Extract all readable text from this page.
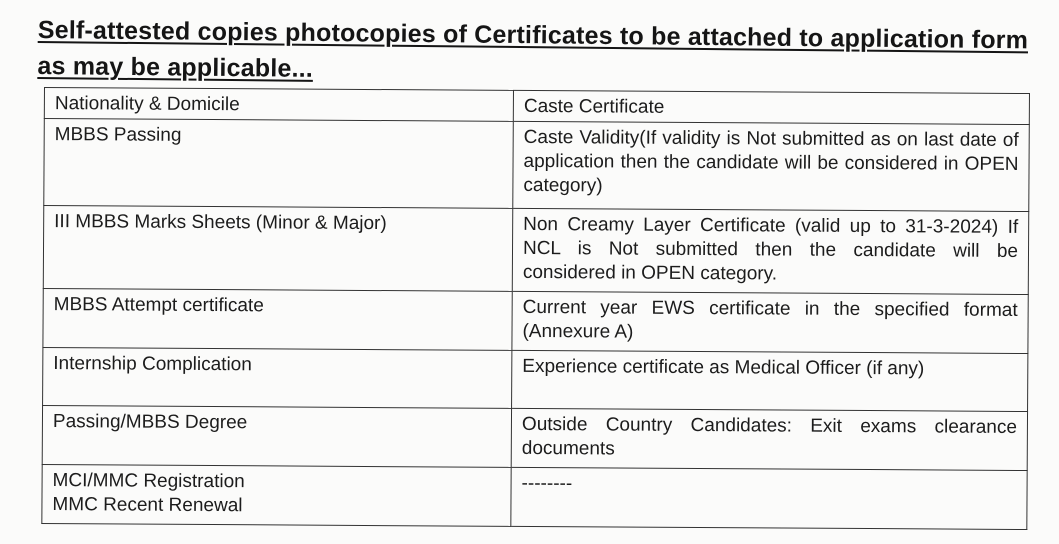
Self-attested copies photocopies of Certificates to be attached to application form
as may be applicable...
Nationality & Domicile	Caste Certificate

MBBS Passing	Caste Validity(If validity is Not submitted as on last date of application then the candidate will be considered in OPEN category)

III MBBS Marks Sheets (Minor & Major)	Non Creamy Layer Certificate (valid up to 31-3-2024) If NCL is Not submitted then the candidate will be considered in OPEN category.

MBBS Attempt certificate	Current year EWS certificate in the specified format (Annexure A)

Internship Complication	Experience certificate as Medical Officer (if any)

Passing/MBBS Degree	Outside Country Candidates: Exit exams clearance documents

MCI/MMC Registration
MMC Recent Renewal	--------
